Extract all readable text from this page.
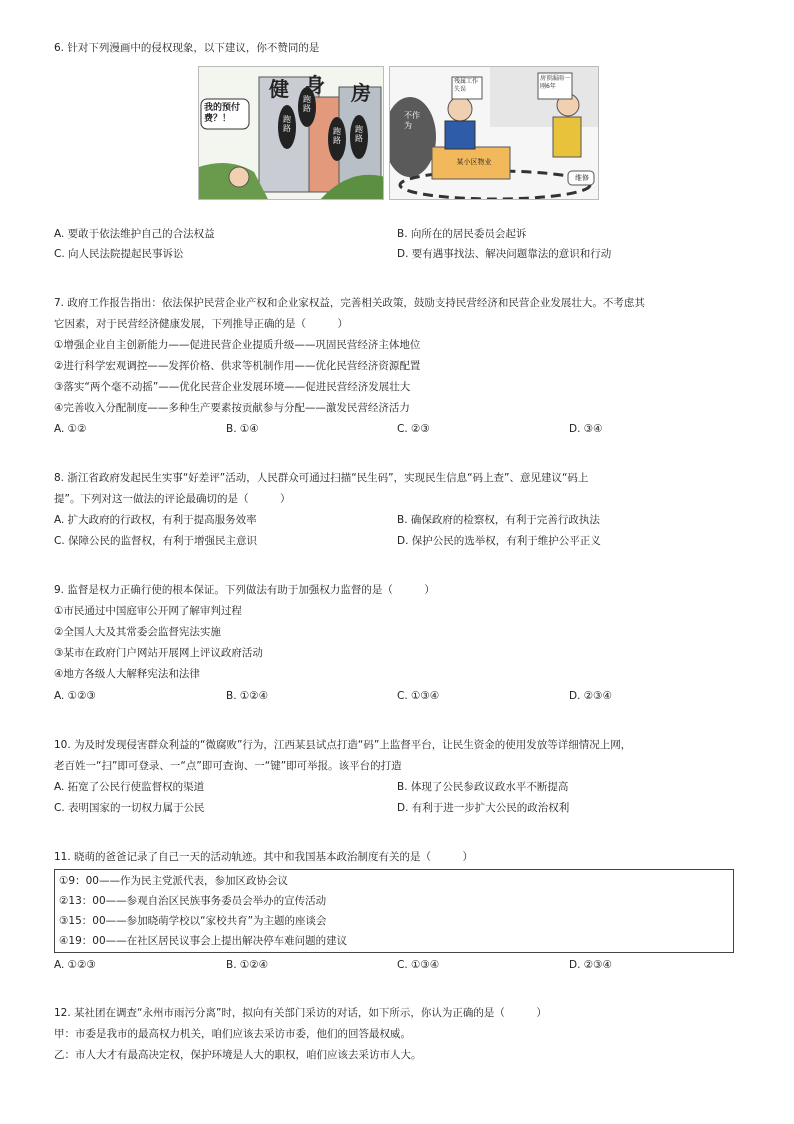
6. 针对下列漫画中的侵权现象，以下建议，你不赞同的是
健 身 房
我的预付费？！	跑路
跑路
跑路
跑路
残属工作失误
房顶漏雨一刚6年
不作为
某小区物业
维修
A. 要敢于依法维护自己的合法权益	B. 向所在的居民委员会起诉
C. 向人民法院提起民事诉讼	D. 要有遇事找法、解决问题靠法的意识和行动
7. 政府工作报告指出：依法保护民营企业产权和企业家权益，完善相关政策，鼓励支持民营经济和民营企业发展壮大。不考虑其
它因素，对于民营经济健康发展，下列推导正确的是（　　　）
①增强企业自主创新能力——促进民营企业提质升级——巩固民营经济主体地位
②进行科学宏观调控——发挥价格、供求等机制作用——优化民营经济资源配置
③落实“两个毫不动摇”——优化民营企业发展环境——促进民营经济发展壮大
④完善收入分配制度——多种生产要素按贡献参与分配——激发民营经济活力
A. ①②	B. ①④	C. ②③	D. ③④
8. 浙江省政府发起民生实事“好差评”活动，人民群众可通过扫描“民生码”，实现民生信息“码上查”、意见建议“码上
提”。下列对这一做法的评论最确切的是（　　　）
A. 扩大政府的行政权，有利于提高服务效率	B. 确保政府的检察权，有利于完善行政执法
C. 保障公民的监督权，有利于增强民主意识	D. 保护公民的选举权，有利于维护公平正义
9. 监督是权力正确行使的根本保证。下列做法有助于加强权力监督的是（　　　）
①市民通过中国庭审公开网了解审判过程
②全国人大及其常委会监督宪法实施
③某市在政府门户网站开展网上评议政府活动
④地方各级人大解释宪法和法律
A. ①②③	B. ①②④	C. ①③④	D. ②③④
10. 为及时发现侵害群众利益的“微腐败”行为，江西某县试点打造“码”上监督平台，让民生资金的使用发放等详细情况上网，
老百姓一“扫”即可登录、一“点”即可查询、一“键”即可举报。该平台的打造
A. 拓宽了公民行使监督权的渠道	B. 体现了公民参政议政水平不断提高
C. 表明国家的一切权力属于公民	D. 有利于进一步扩大公民的政治权利
11. 晓萌的爸爸记录了自己一天的活动轨迹。其中和我国基本政治制度有关的是（　　　）
①9：00——作为民主党派代表，参加区政协会议
②13：00——参观自治区民族事务委员会举办的宣传活动
③15：00——参加晓萌学校以“家校共育”为主题的座谈会
④19：00——在社区居民议事会上提出解决停车难问题的建议
A. ①②③	B. ①②④	C. ①③④	D. ②③④
12. 某社团在调查“永州市雨污分离”时，拟向有关部门采访的对话，如下所示，你认为正确的是（　　　）
甲：市委是我市的最高权力机关，咱们应该去采访市委，他们的回答最权威。
乙：市人大才有最高决定权，保护环境是人大的职权，咱们应该去采访市人大。
